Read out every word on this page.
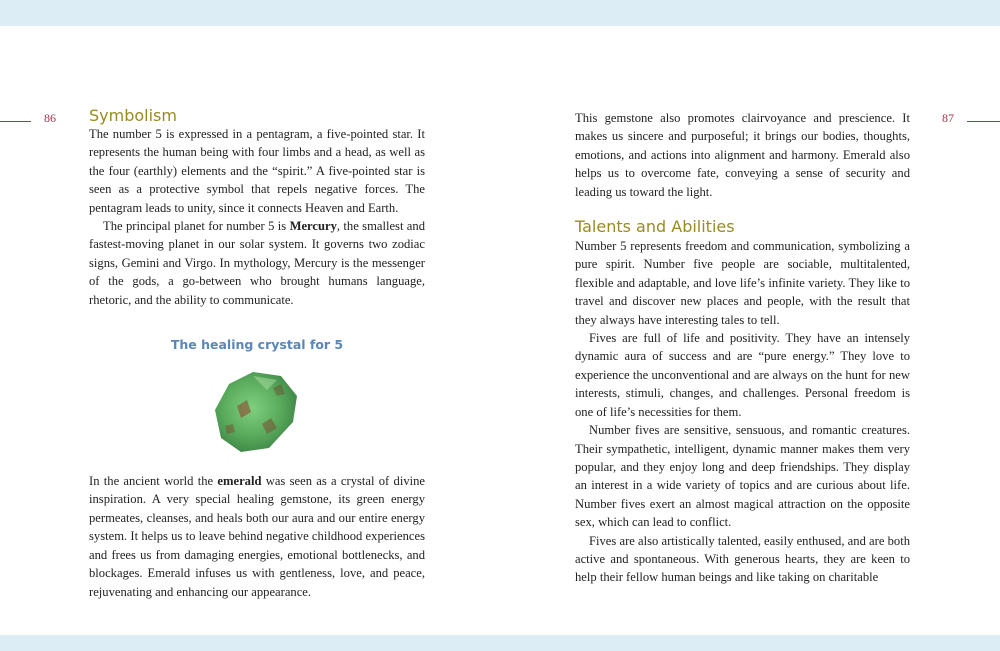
86	87
Symbolism

The number 5 is expressed in a pentagram, a five-pointed star. It represents the human being with four limbs and a head, as well as the four (earthly) elements and the “spirit.” A five-pointed star is seen as a protective symbol that repels negative forces. The pentagram leads to unity, since it connects Heaven and Earth.

The principal planet for number 5 is Mercury, the smallest and fastest-moving planet in our solar system. It governs two zodiac signs, Gemini and Virgo. In mythology, Mercury is the messenger of the gods, a go-between who brought humans language, rhetoric, and the ability to communicate.

The healing crystal for 5

In the ancient world the emerald was seen as a crystal of divine inspiration. A very special healing gemstone, its green energy permeates, cleanses, and heals both our aura and our entire energy system. It helps us to leave behind negative childhood experiences and frees us from damaging energies, emotional bottlenecks, and blockages. Emerald infuses us with gentleness, love, and peace, rejuvenating and enhancing our appearance.

This gemstone also promotes clairvoyance and prescience. It makes us sincere and purposeful; it brings our bodies, thoughts, emotions, and actions into alignment and harmony. Emerald also helps us to overcome fate, conveying a sense of security and leading us toward the light.

Talents and Abilities

Number 5 represents freedom and communication, symbolizing a pure spirit. Number five people are sociable, multitalented, flexible and adaptable, and love life’s infinite variety. They like to travel and discover new places and people, with the result that they always have interesting tales to tell.

Fives are full of life and positivity. They have an intensely dynamic aura of success and are “pure energy.” They love to experience the unconventional and are always on the hunt for new interests, stimuli, changes, and challenges. Personal freedom is one of life’s necessities for them.

Number fives are sensitive, sensuous, and romantic creatures. Their sympathetic, intelligent, dynamic manner makes them very popular, and they enjoy long and deep friendships. They display an interest in a wide variety of topics and are curious about life. Number fives exert an almost magical attraction on the opposite sex, which can lead to conflict.

Fives are also artistically talented, easily enthused, and are both active and spontaneous. With generous hearts, they are keen to help their fellow human beings and like taking on charitable
